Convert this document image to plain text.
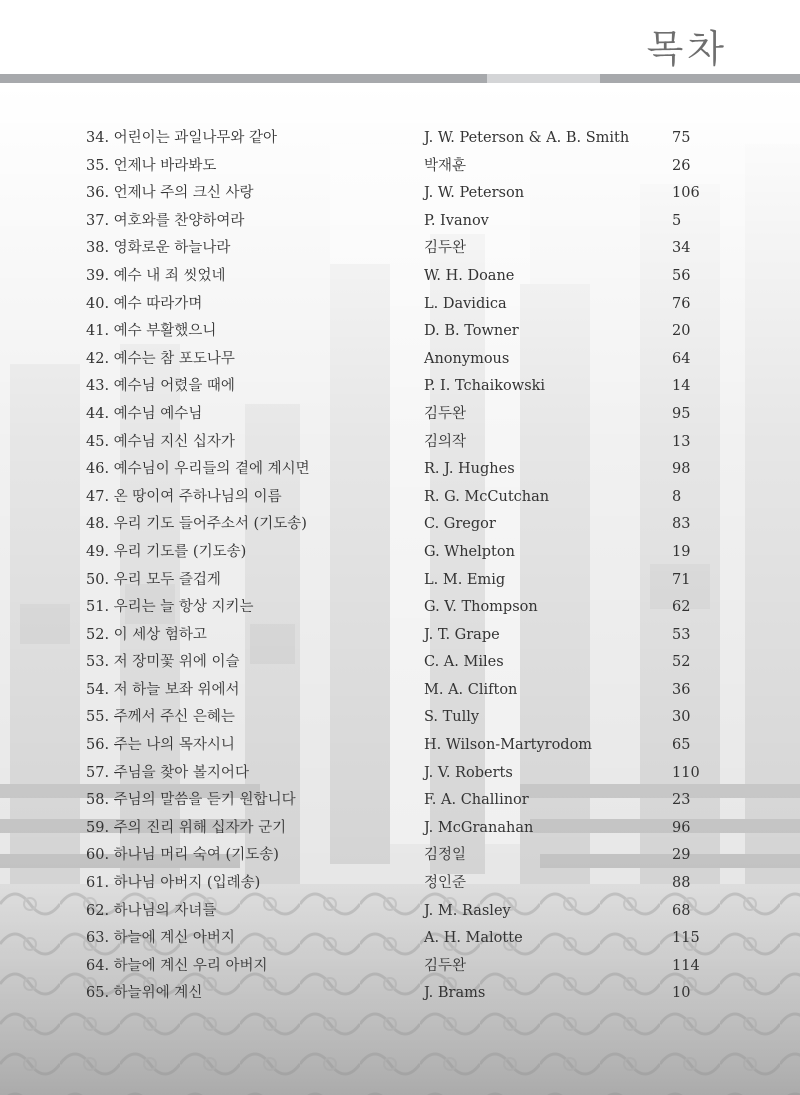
목차
34. 어린이는 과일나무와 같아	J. W. Peterson & A. B. Smith	75
35. 언제나 바라봐도	박재훈	26
36. 언제나 주의 크신 사랑	J. W. Peterson	106
37. 여호와를 찬양하여라	P. Ivanov	5
38. 영화로운 하늘나라	김두완	34
39. 예수 내 죄 씻었네	W. H. Doane	56
40. 예수 따라가며	L. Davidica	76
41. 예수 부활했으니	D. B. Towner	20
42. 예수는 참 포도나무	Anonymous	64
43. 예수님 어렸을 때에	P. I. Tchaikowski	14
44. 예수님 예수님	김두완	95
45. 예수님 지신 십자가	김의작	13
46. 예수님이 우리들의 곁에 계시면	R. J. Hughes	98
47. 온 땅이여 주하나님의 이름	R. G. McCutchan	8
48. 우리 기도 들어주소서 (기도송)	C. Gregor	83
49. 우리 기도를 (기도송)	G. Whelpton	19
50. 우리 모두 즐겁게	L. M. Emig	71
51. 우리는 늘 항상 지키는	G. V. Thompson	62
52. 이 세상 험하고	J. T. Grape	53
53. 저 장미꽃 위에 이슬	C. A. Miles	52
54. 저 하늘 보좌 위에서	M. A. Clifton	36
55. 주께서 주신 은혜는	S. Tully	30
56. 주는 나의 목자시니	H. Wilson-Martyrodom	65
57. 주님을 찾아 볼지어다	J. V. Roberts	110
58. 주님의 말씀을 듣기 원합니다	F. A. Challinor	23
59. 주의 진리 위해 십자가 군기	J. McGranahan	96
60. 하나님 머리 숙여 (기도송)	김정일	29
61. 하나님 아버지 (입례송)	정인준	88
62. 하나님의 자녀들	J. M. Rasley	68
63. 하늘에 계신 아버지	A. H. Malotte	115
64. 하늘에 계신 우리 아버지	김두완	114
65. 하늘위에 계신	J. Brams	10
